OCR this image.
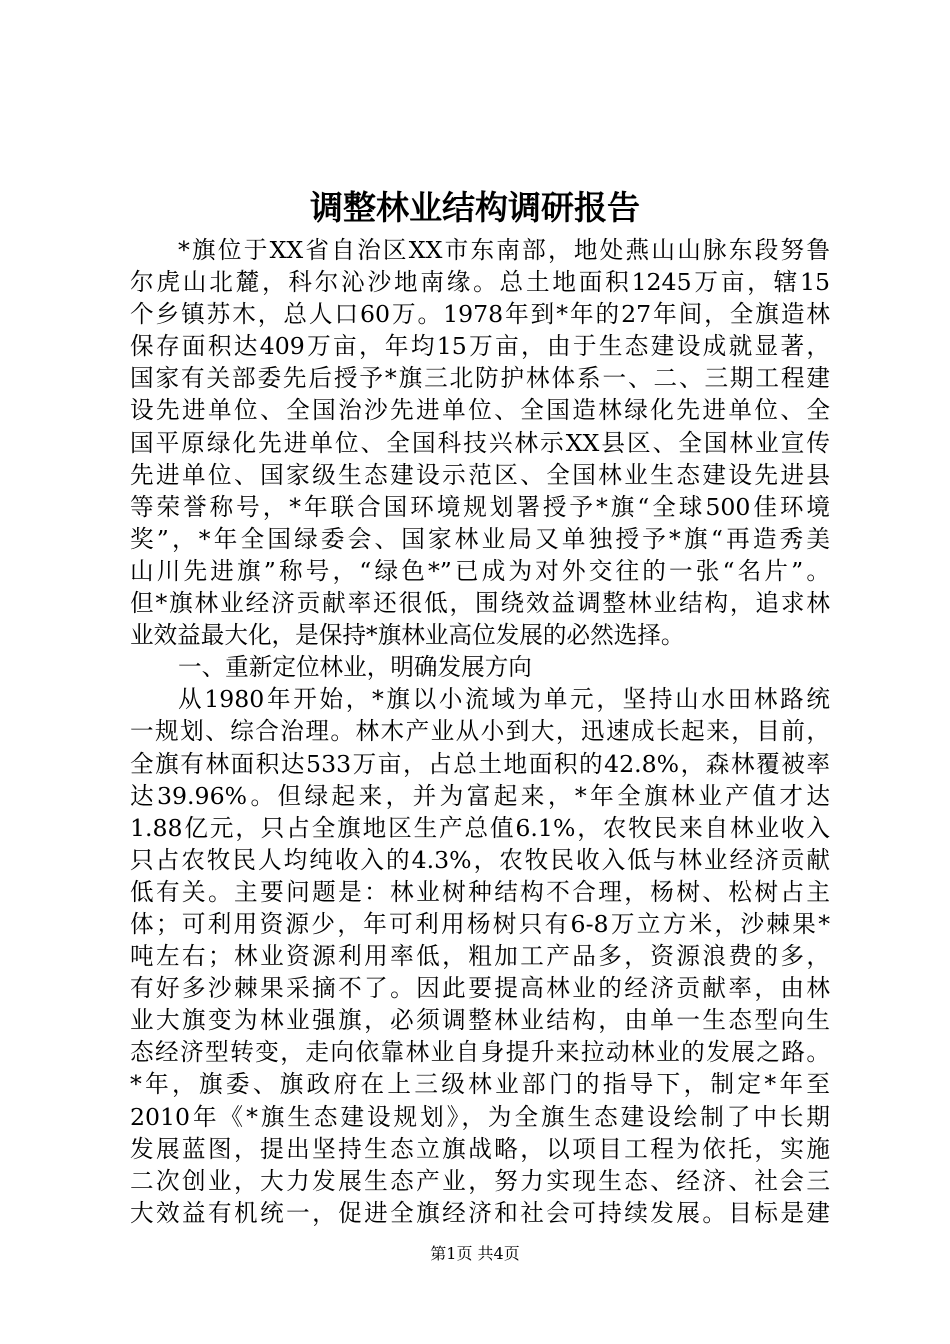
调整林业结构调研报告
*旗位于XX省自治区XX市东南部，地处燕山山脉东段努鲁
尔虎山北麓，科尔沁沙地南缘。总土地面积1245万亩，辖15
个乡镇苏木，总人口60万。1978年到*年的27年间，全旗造林
保存面积达409万亩，年均15万亩，由于生态建设成就显著，
国家有关部委先后授予*旗三北防护林体系一、二、三期工程建
设先进单位、全国治沙先进单位、全国造林绿化先进单位、全
国平原绿化先进单位、全国科技兴林示XX县区、全国林业宣传
先进单位、国家级生态建设示范区、全国林业生态建设先进县
等荣誉称号，*年联合国环境规划署授予*旗“全球500佳环境
奖”，*年全国绿委会、国家林业局又单独授予*旗“再造秀美
山川先进旗”称号，“绿色*”已成为对外交往的一张“名片”。
但*旗林业经济贡献率还很低，围绕效益调整林业结构，追求林
业效益最大化，是保持*旗林业高位发展的必然选择。
一、重新定位林业，明确发展方向
从1980年开始，*旗以小流域为单元，坚持山水田林路统
一规划、综合治理。林木产业从小到大，迅速成长起来，目前，
全旗有林面积达533万亩，占总土地面积的42.8%，森林覆被率
达39.96%。但绿起来，并为富起来，*年全旗林业产值才达
1.88亿元，只占全旗地区生产总值6.1%，农牧民来自林业收入
只占农牧民人均纯收入的4.3%，农牧民收入低与林业经济贡献
低有关。主要问题是：林业树种结构不合理，杨树、松树占主
体；可利用资源少，年可利用杨树只有6-8万立方米，沙棘果*
吨左右；林业资源利用率低，粗加工产品多，资源浪费的多，
有好多沙棘果采摘不了。因此要提高林业的经济贡献率，由林
业大旗变为林业强旗，必须调整林业结构，由单一生态型向生
态经济型转变，走向依靠林业自身提升来拉动林业的发展之路。
*年，旗委、旗政府在上三级林业部门的指导下，制定*年至
2010年《*旗生态建设规划》，为全旗生态建设绘制了中长期
发展蓝图，提出坚持生态立旗战略，以项目工程为依托，实施
二次创业，大力发展生态产业，努力实现生态、经济、社会三
大效益有机统一，促进全旗经济和社会可持续发展。目标是建
第1页 共4页
